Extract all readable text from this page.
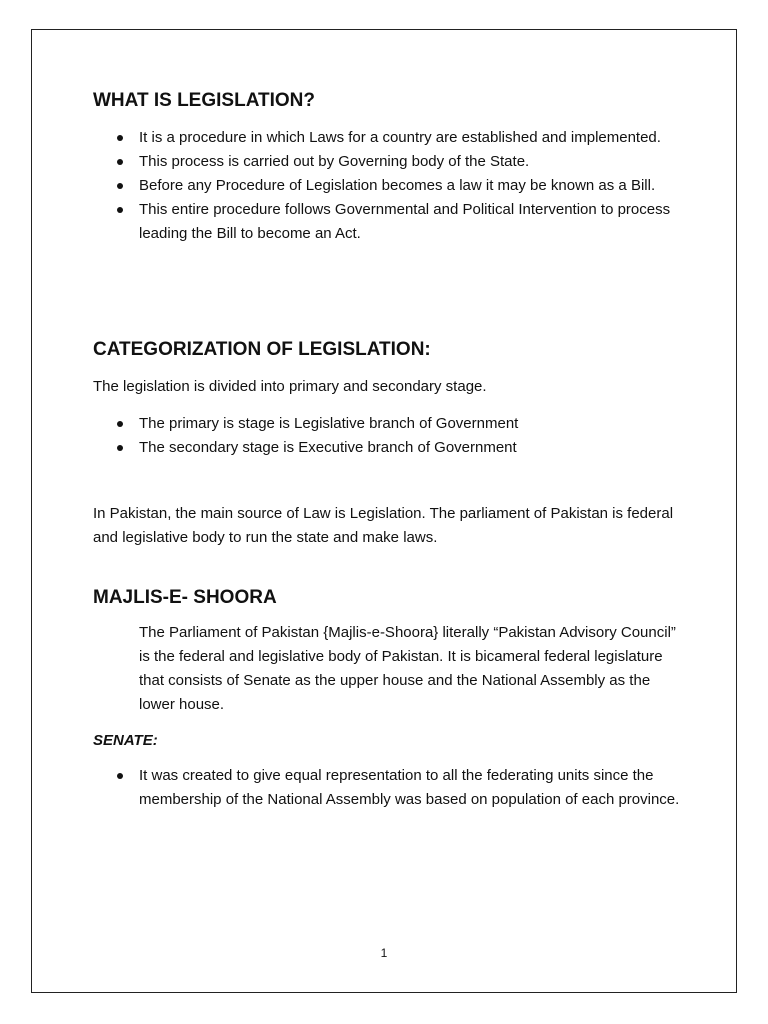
WHAT IS LEGISLATION?
It is a procedure in which Laws for a country are established and implemented.
This process is carried out by Governing body of the State.
Before any Procedure of Legislation becomes a law it may be known as a Bill.
This entire procedure follows Governmental and Political Intervention to process leading the Bill to become an Act.
CATEGORIZATION OF LEGISLATION:

The legislation is divided into primary and secondary stage.

The primary is stage is Legislative branch of Government
The secondary stage is Executive branch of Government

In Pakistan, the main source of Law is Legislation. The parliament of Pakistan is federal and legislative body to run the state and make laws.

MAJLIS-E- SHOORA

The Parliament of Pakistan {Majlis-e-Shoora} literally “Pakistan Advisory Council” is the federal and legislative body of Pakistan. It is bicameral federal legislature that consists of Senate as the upper house and the National Assembly as the lower house.

SENATE:
It was created to give equal representation to all the federating units since the membership of the National Assembly was based on population of each province.
1
